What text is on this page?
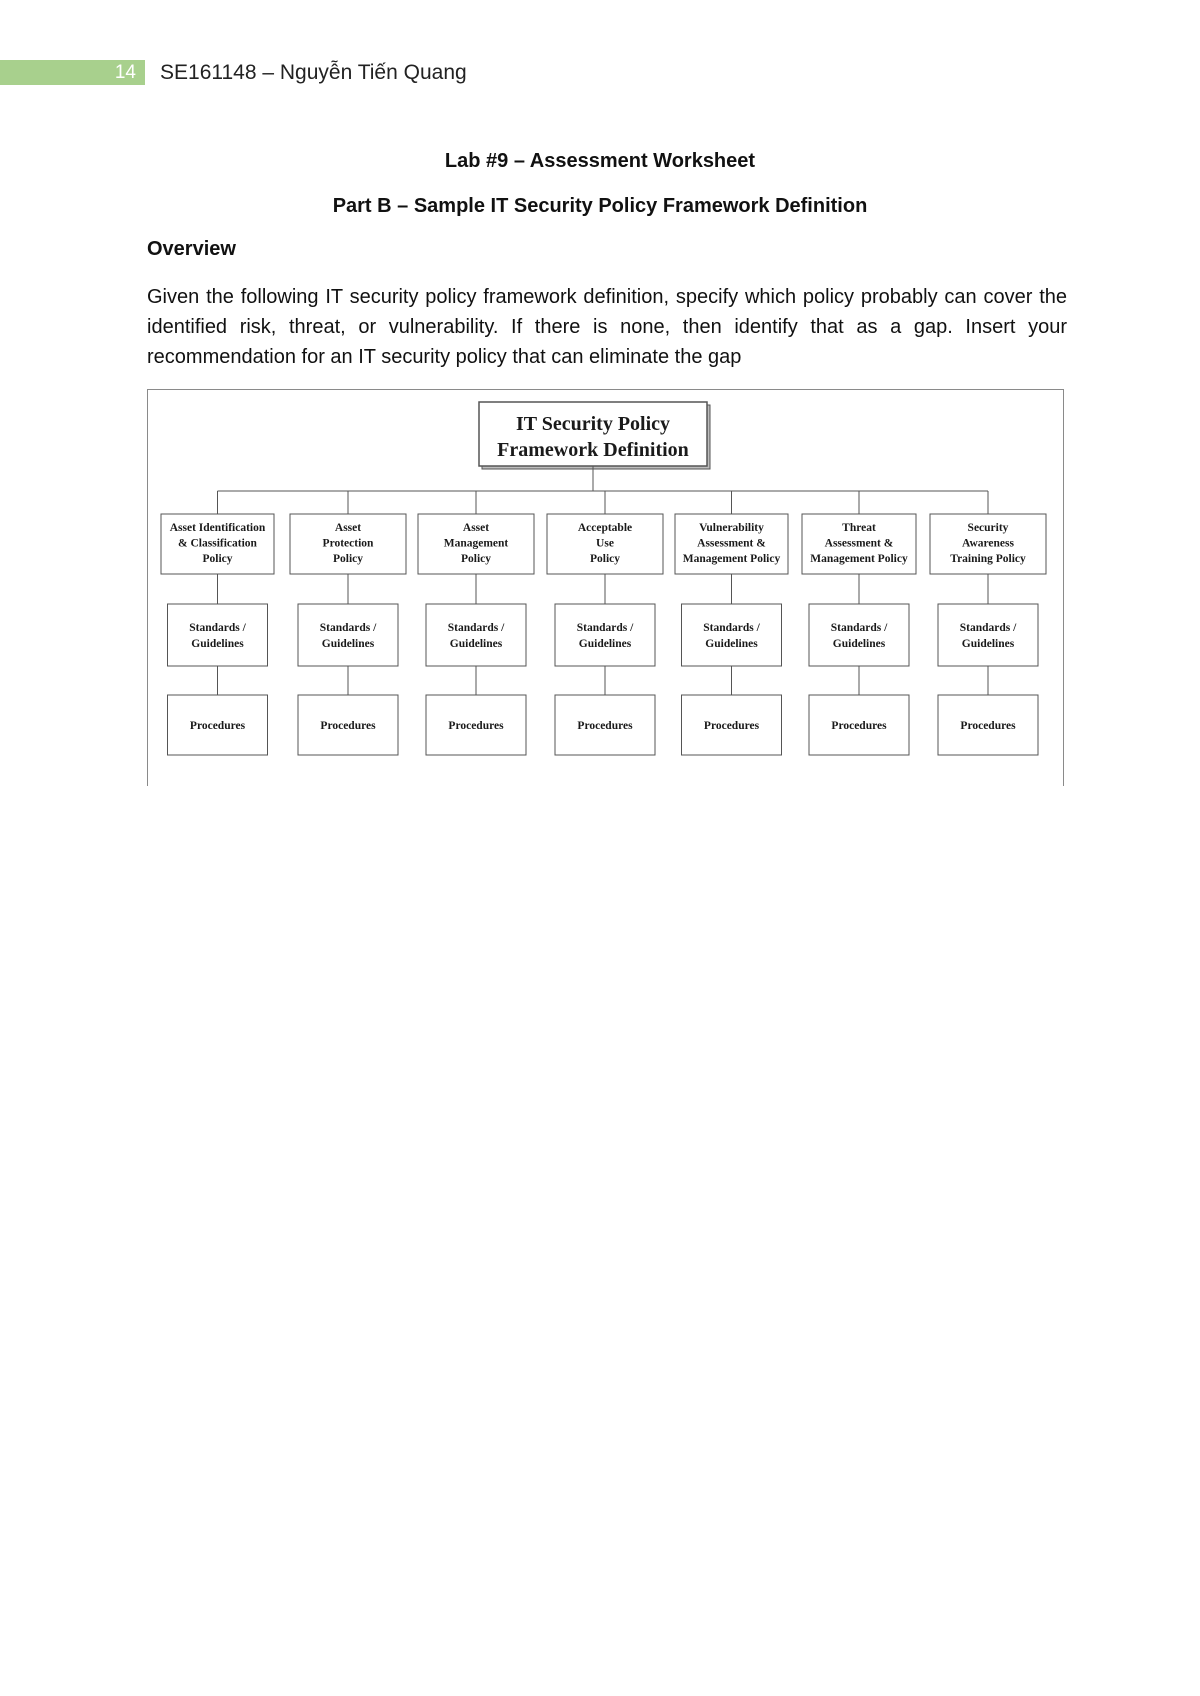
14 SE161148 – Nguyễn Tiến Quang
Lab #9 – Assessment Worksheet
Part B – Sample IT Security Policy Framework Definition
Overview
Given the following IT security policy framework definition, specify which policy probably can cover the identified risk, threat, or vulnerability. If there is none, then identify that as a gap. Insert your recommendation for an IT security policy that can eliminate the gap
IT Security Policy Framework Definition
Asset Identification & Classification Policy
Standards / Guidelines
Procedures
Asset Protection Policy
Standards / Guidelines
Procedures
Asset Management Policy
Standards / Guidelines
Procedures
Acceptable Use Policy
Standards / Guidelines
Procedures
Vulnerability Assessment & Management Policy
Standards / Guidelines
Procedures
Threat Assessment & Management Policy
Standards / Guidelines
Procedures
Security Awareness Training Policy
Standards / Guidelines
Procedures
